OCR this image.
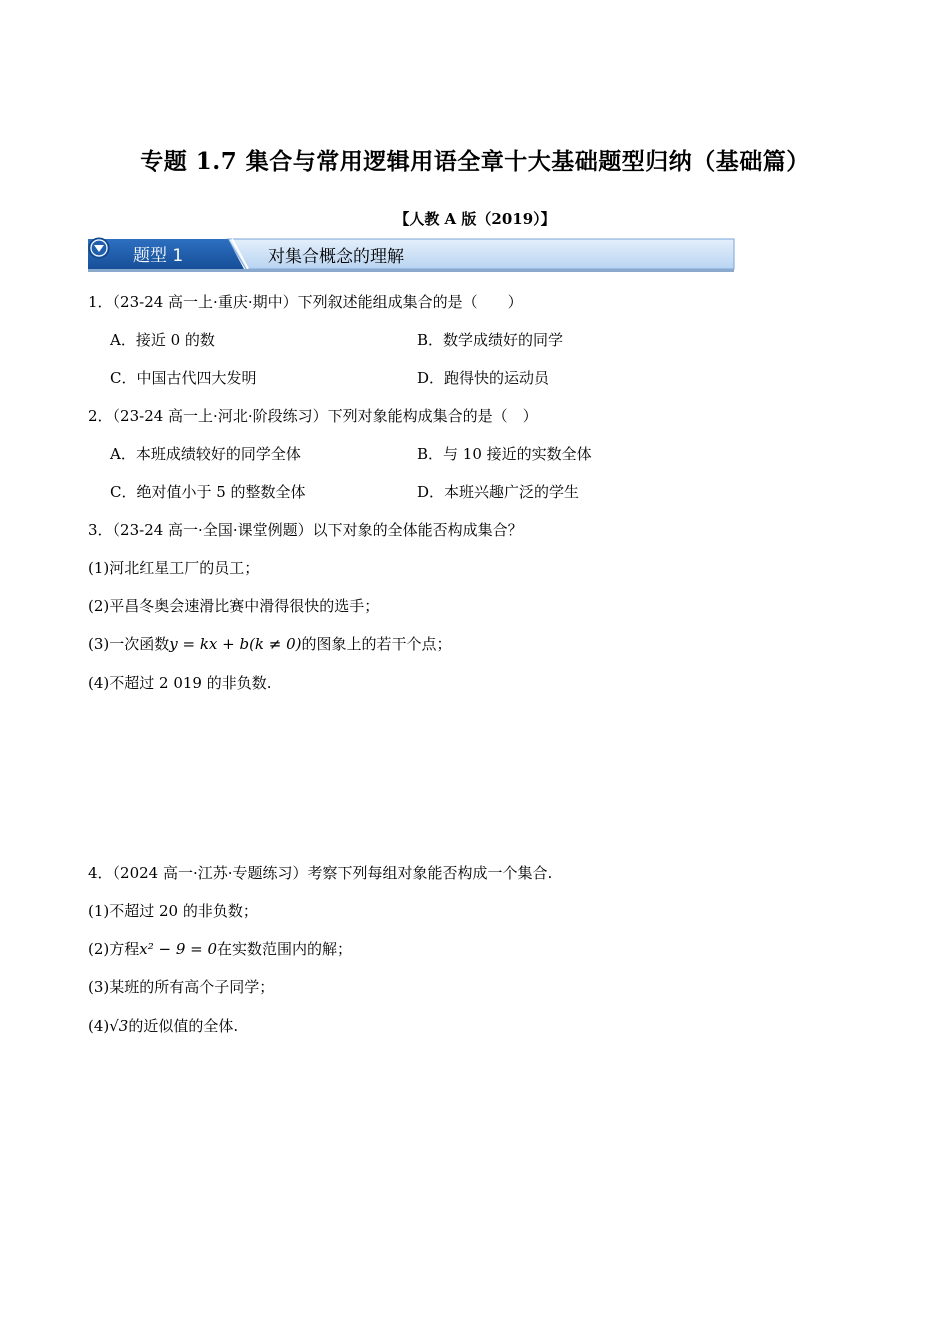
专题 1.7 集合与常用逻辑用语全章十大基础题型归纳（基础篇）
【人教 A 版（2019）】
题型 1	对集合概念的理解
1．（23-24 高一上·重庆·期中）下列叙述能组成集合的是（　　）
A．接近 0 的数	B．数学成绩好的同学
C．中国古代四大发明	D．跑得快的运动员
2．（23-24 高一上·河北·阶段练习）下列对象能构成集合的是（　）
A．本班成绩较好的同学全体	B．与 10 接近的实数全体
C．绝对值小于 5 的整数全体	D．本班兴趣广泛的学生
3．（23-24 高一·全国·课堂例题）以下对象的全体能否构成集合？
(1)河北红星工厂的员工；
(2)平昌冬奥会速滑比赛中滑得很快的选手；
(3)一次函数y = kx + b(k ≠ 0)的图象上的若干个点；
(4)不超过 2 019 的非负数.
4．（2024 高一·江苏·专题练习）考察下列每组对象能否构成一个集合.
(1)不超过 20 的非负数；
(2)方程x² − 9 = 0在实数范围内的解；
(3)某班的所有高个子同学；
(4)√3的近似值的全体.
